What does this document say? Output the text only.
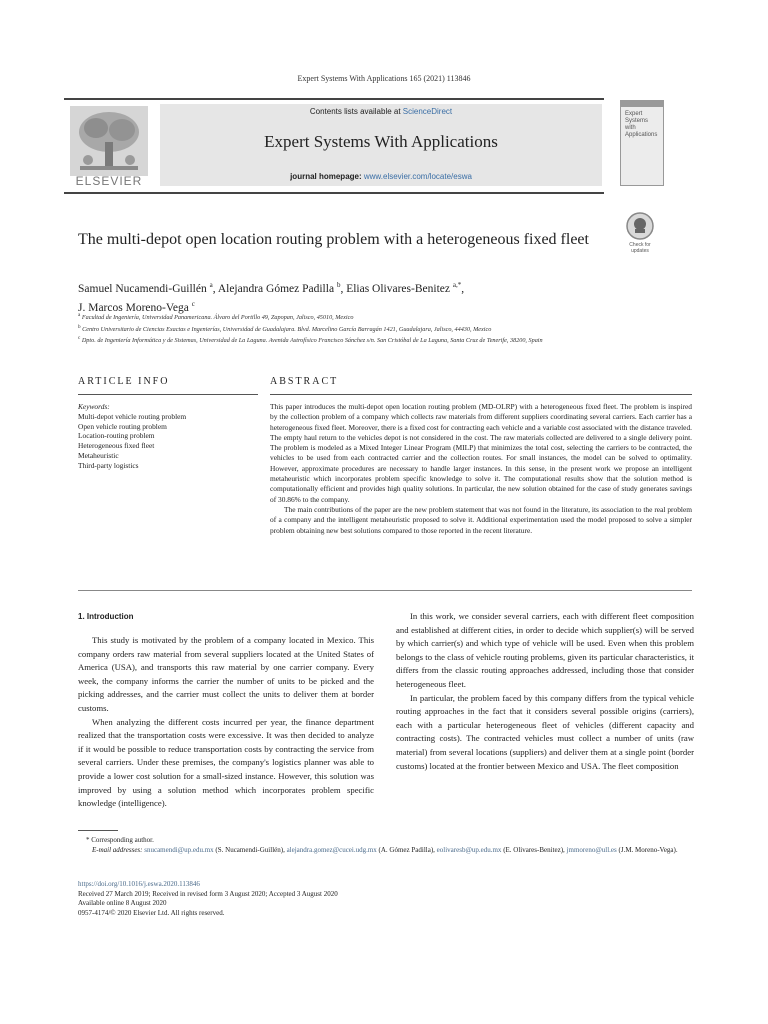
Expert Systems With Applications 165 (2021) 113846
ELSEVIER
Contents lists available at ScienceDirect
Expert Systems With Applications
journal homepage: www.elsevier.com/locate/eswa
Expert
Systems
with
Applications
Check for updates
The multi-depot open location routing problem with a heterogeneous fixed fleet
Samuel Nucamendi-Guillén $^a$, Alejandra Gómez Padilla $^b$, Elias Olivares-Benitez $^{a,*}$,
J. Marcos Moreno-Vega $^c$
$^a$ Facultad de Ingeniería, Universidad Panamericana. Álvaro del Portillo 49, Zapopan, Jalisco, 45010, Mexico
$^b$ Centro Universitario de Ciencias Exactas e Ingenierías, Universidad de Guadalajara. Blvd. Marcelino García Barragán 1421, Guadalajara, Jalisco, 44430, Mexico
$^c$ Dpto. de Ingeniería Informática y de Sistemas, Universidad de La Laguna. Avenida Astrofísico Francisco Sánchez s/n. San Cristóbal de La Laguna, Santa Cruz de Tenerife, 38200, Spain
ARTICLE INFO	ABSTRACT
Keywords:
Multi-depot vehicle routing problem
Open vehicle routing problem
Location-routing problem
Heterogeneous fixed fleet
Metaheuristic
Third-party logistics

This paper introduces the multi-depot open location routing problem (MD-OLRP) with a heterogeneous fixed fleet. The problem is inspired by the collection problem of a company which collects raw materials from different suppliers coordinating several carriers. Each carrier has a heterogeneous fixed fleet. Moreover, there is a fixed cost for contracting each vehicle and a variable cost associated with the distance traveled. The empty haul return to the vehicles depot is not considered in the cost. The raw materials collected are delivered to a single delivery point. The problem is modeled as a Mixed Integer Linear Program (MILP) that minimizes the total cost, selecting the carriers to be contracted, the vehicles to be used from each contracted carrier and the collection routes. For small instances, the model can be solved to optimality. However, approximate procedures are necessary to handle larger instances. In this sense, in the present work we propose an intelligent metaheuristic which incorporates problem specific knowledge to solve it. The computational results show that the solution method is computationally efficient and provides high quality solutions. In particular, the new solution obtained for the case of study generates savings of 30.86% to the company.

The main contributions of the paper are the new problem statement that was not found in the literature, its association to the real problem of a company and the intelligent metaheuristic proposed to solve it. Additional experimentation used the model proposed to solve a simpler problem obtaining new best solutions compared to those reported in the recent literature.

1. Introduction

This study is motivated by the problem of a company located in Mexico. This company orders raw material from several suppliers located at the United States of America (USA), and transports this raw material by one carrier company. Every week, the company informs the carrier the number of units to be picked and the picking addresses, and the carrier must collect the units to deliver them at border customs.

When analyzing the different costs incurred per year, the finance department realized that the transportation costs were excessive. It was then decided to analyze if it would be possible to reduce transportation costs by contracting the service from several carriers. Under these premises, the company's logistics planner was able to provide a lower cost solution for a small-sized instance. However, this solution was improved by using a solution method which incorporates problem specific knowledge (intelligence).

In this work, we consider several carriers, each with different fleet composition and established at different cities, in order to decide which supplier(s) will be served by which carrier(s) and which type of vehicle will be used. Even when this problem belongs to the class of vehicle routing problems, given its particular characteristics, it differs from the classic routing approaches addressed, including those that consider heterogeneous fleet.

In particular, the problem faced by this company differs from the typical vehicle routing approaches in the fact that it considers several possible origins (carriers), each with a particular heterogeneous fleet of vehicles (different capacity and contracting costs). The contracted vehicles must collect a number of units (raw material) from several locations (suppliers) and deliver them at a single point (border customs) located at the frontier between Mexico and USA. The fleet composition

* Corresponding author.
E-mail addresses: snucamendi@up.edu.mx (S. Nucamendi-Guillén), alejandra.gomez@cucei.udg.mx (A. Gómez Padilla), eolivaresb@up.edu.mx (E. Olivares-Benitez), jmmoreno@ull.es (J.M. Moreno-Vega).
https://doi.org/10.1016/j.eswa.2020.113846
Received 27 March 2019; Received in revised form 3 August 2020; Accepted 3 August 2020
Available online 8 August 2020
0957-4174/© 2020 Elsevier Ltd. All rights reserved.
